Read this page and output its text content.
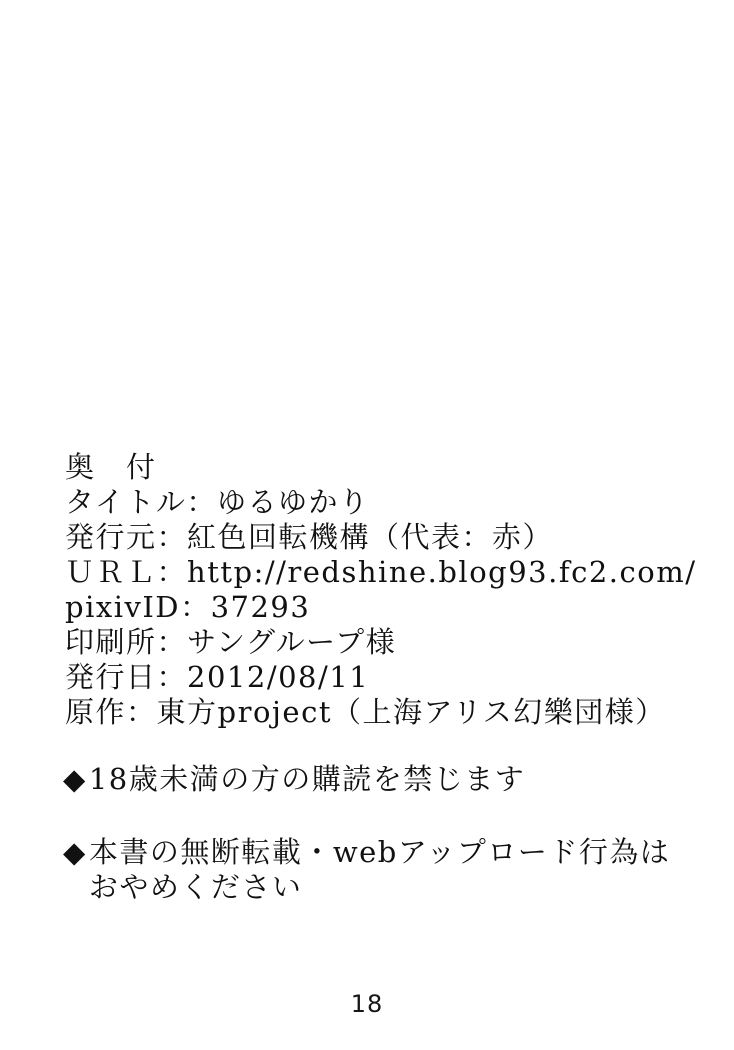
奥　付
タイトル：ゆるゆかり
発行元：紅色回転機構（代表：赤）
ＵＲＬ：http://redshine.blog93.fc2.com/
pixivID：37293
印刷所：サングループ様
発行日：2012/08/11
原作：東方project（上海アリス幻樂団様）
◆ 18歳未満の方の購読を禁じます
◆ 本書の無断転載・webアップロード行為は
おやめください
18
